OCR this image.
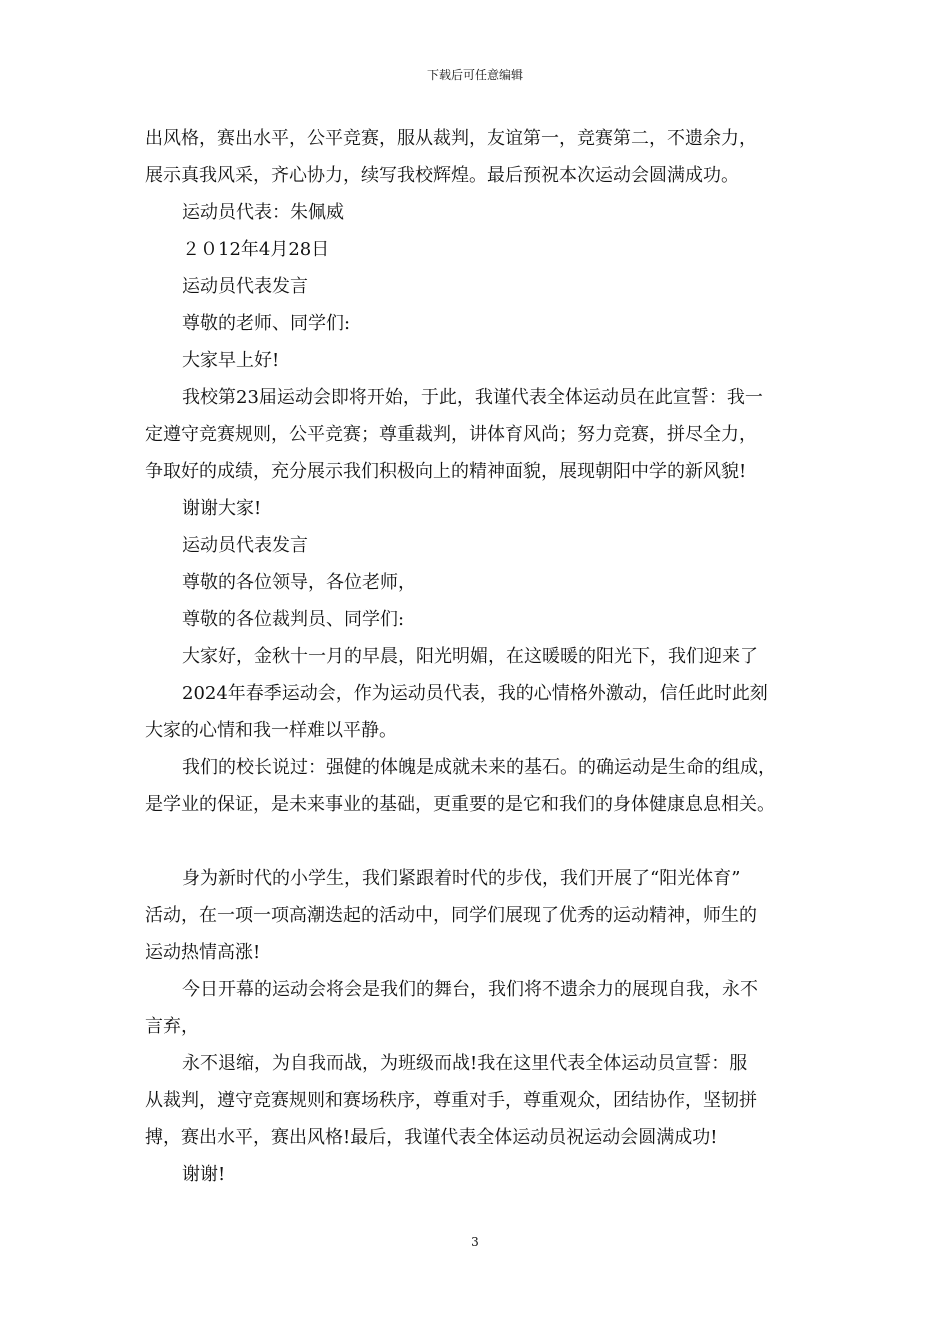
下载后可任意编辑

出风格，赛出水平，公平竞赛，服从裁判，友谊第一，竞赛第二，不遗余力，

展示真我风采，齐心协力，续写我校辉煌。最后预祝本次运动会圆满成功。

运动员代表：朱佩威

２０12年4月28日

运动员代表发言

尊敬的老师、同学们:

大家早上好!

我校第23届运动会即将开始，于此，我谨代表全体运动员在此宣誓：我一

定遵守竞赛规则，公平竞赛；尊重裁判，讲体育风尚；努力竞赛，拼尽全力，

争取好的成绩，充分展示我们积极向上的精神面貌，展现朝阳中学的新风貌!

谢谢大家!

运动员代表发言

尊敬的各位领导，各位老师，

尊敬的各位裁判员、同学们:

大家好，金秋十一月的早晨，阳光明媚，在这暖暖的阳光下，我们迎来了

2024年春季运动会，作为运动员代表，我的心情格外激动，信任此时此刻

大家的心情和我一样难以平静。

我们的校长说过：强健的体魄是成就未来的基石。的确运动是生命的组成，

是学业的保证，是未来事业的基础，更重要的是它和我们的身体健康息息相关。

身为新时代的小学生，我们紧跟着时代的步伐，我们开展了“阳光体育”

活动，在一项一项高潮迭起的活动中，同学们展现了优秀的运动精神，师生的

运动热情高涨!

今日开幕的运动会将会是我们的舞台，我们将不遗余力的展现自我，永不

言弃，

永不退缩，为自我而战，为班级而战!我在这里代表全体运动员宣誓：服

从裁判，遵守竞赛规则和赛场秩序，尊重对手，尊重观众，团结协作，坚韧拼

搏，赛出水平，赛出风格!最后，我谨代表全体运动员祝运动会圆满成功!

谢谢!

3
